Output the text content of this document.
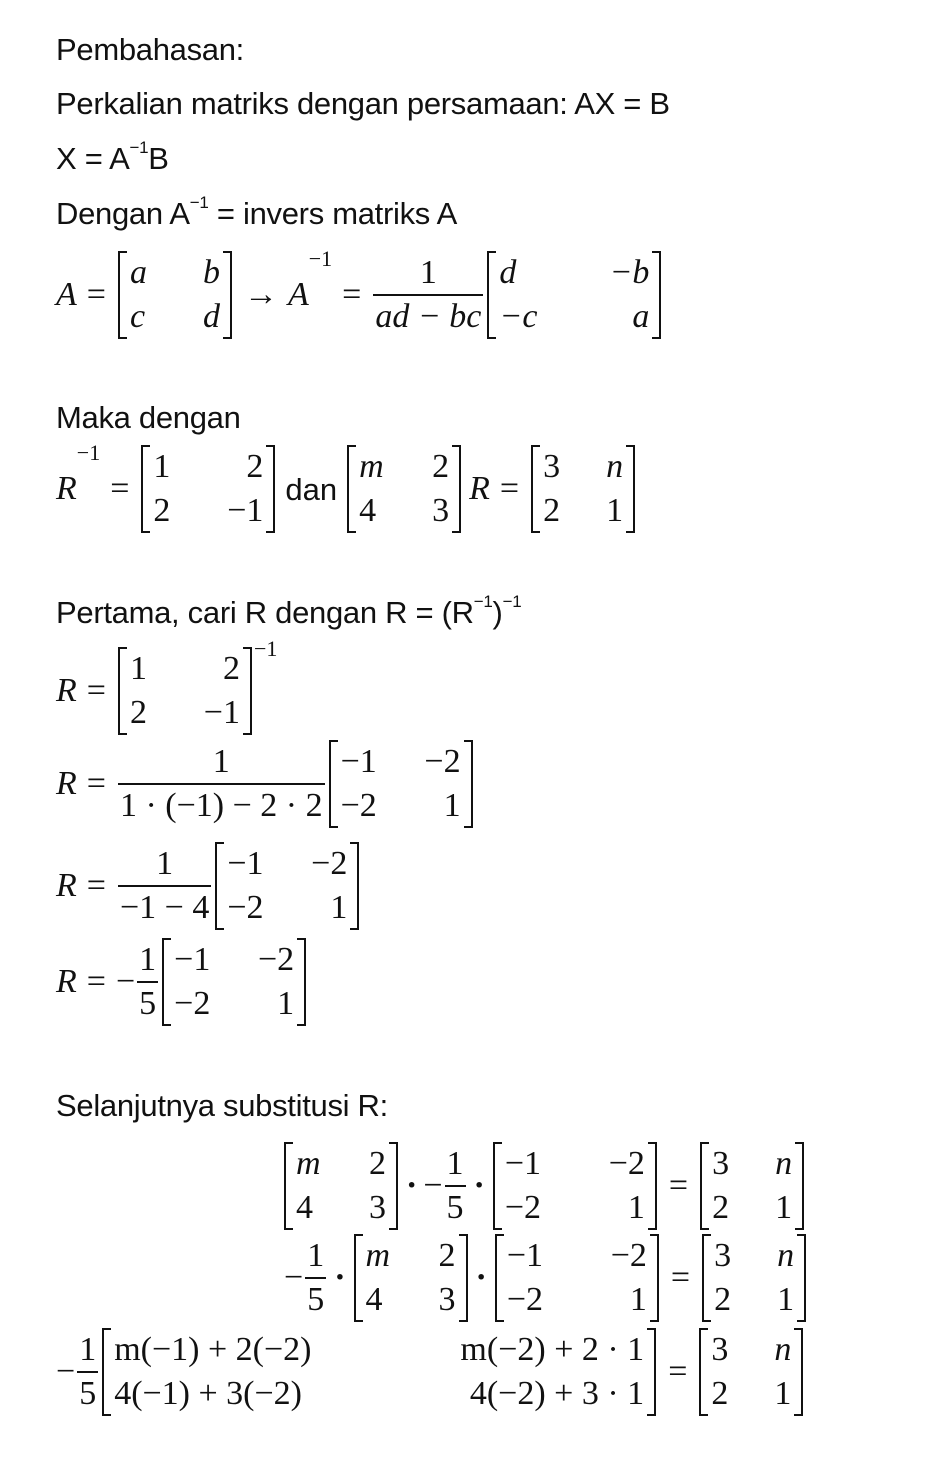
Pembahasan:
Perkalian matriks dengan persamaan: AX = B
$X = A^{-1}B$
Dengan $A^{-1}$ = invers matriks A
A =
a	b
c	d
→ A
−1
= $\frac{1}{ad - bc}$ d	−b
−c	a
Maka dengan
R
−1
=
1	2
2	−1
dan
m	2
4	3
R =
3	n
2	1
Pertama, cari R dengan $R = (R^{-1})^{-1}$
R =
1	2
2	−1
−1
$R = \frac{1}{1 \cdot (-1) - 2 \cdot 2} -1$	−2
−2	1
$R = \frac{1}{-1 - 4} -1$	−2
−2	1
R = − $\frac{1}{5} -1$	−2
−2	1
Selanjutnya substitusi R:
m	2
4	3
· − $\frac{1}{5}$ ·
−1	−2
−2	1
=
3	n
2	1
− $\frac{1}{5}$ ·
m	2
4	3
·
−1	−2
−2	1
=
3	n
2	1
− $\frac{1}{5} m(-1) + 2(-2)$	m(−2) + 2 · 1
4(−1) + 3(−2)	4(−2) + 3 · 1
=
3	n
2	1
